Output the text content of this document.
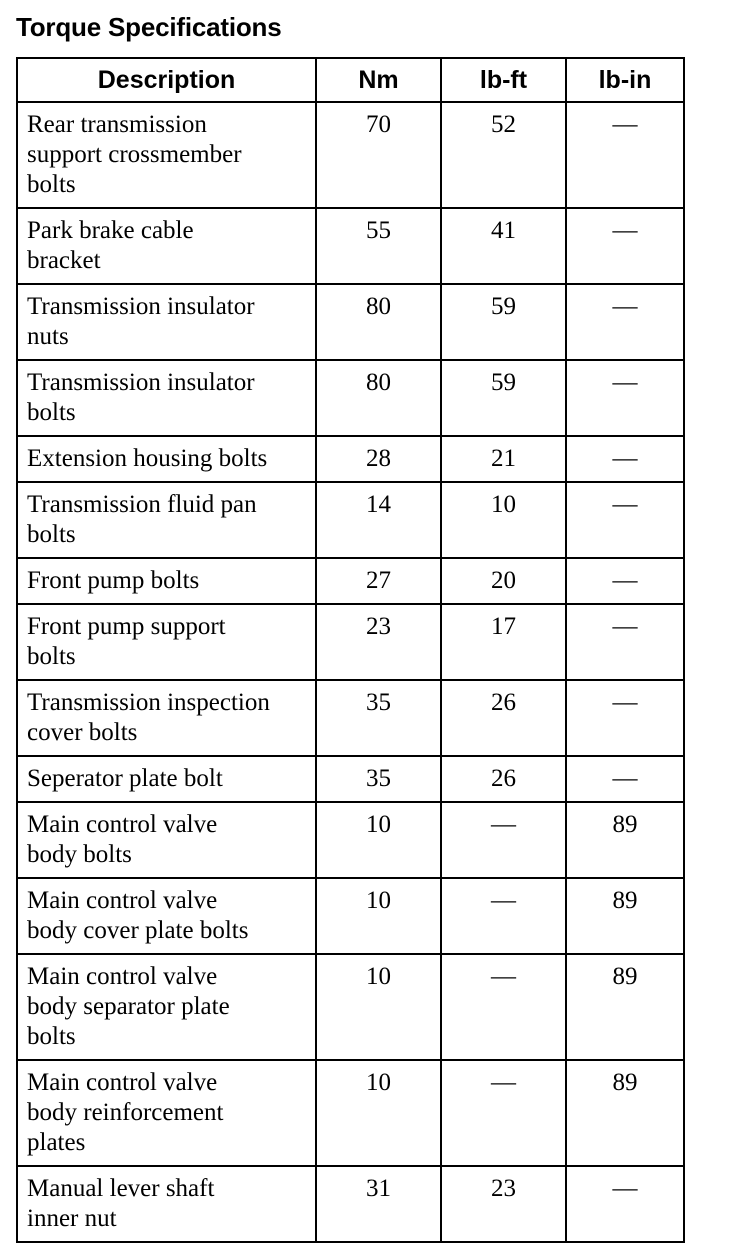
Torque Specifications
Description	Nm	lb-ft	lb-in
Rear transmission
support crossmember
bolts	70	52	—
Park brake cable
bracket	55	41	—
Transmission insulator
nuts	80	59	—
Transmission insulator
bolts	80	59	—
Extension housing bolts	28	21	—
Transmission fluid pan
bolts	14	10	—
Front pump bolts	27	20	—
Front pump support
bolts	23	17	—
Transmission inspection
cover bolts	35	26	—
Seperator plate bolt	35	26	—
Main control valve
body bolts	10	—	89
Main control valve
body cover plate bolts	10	—	89
Main control valve
body separator plate
bolts	10	—	89
Main control valve
body reinforcement
plates	10	—	89
Manual lever shaft
inner nut	31	23	—
